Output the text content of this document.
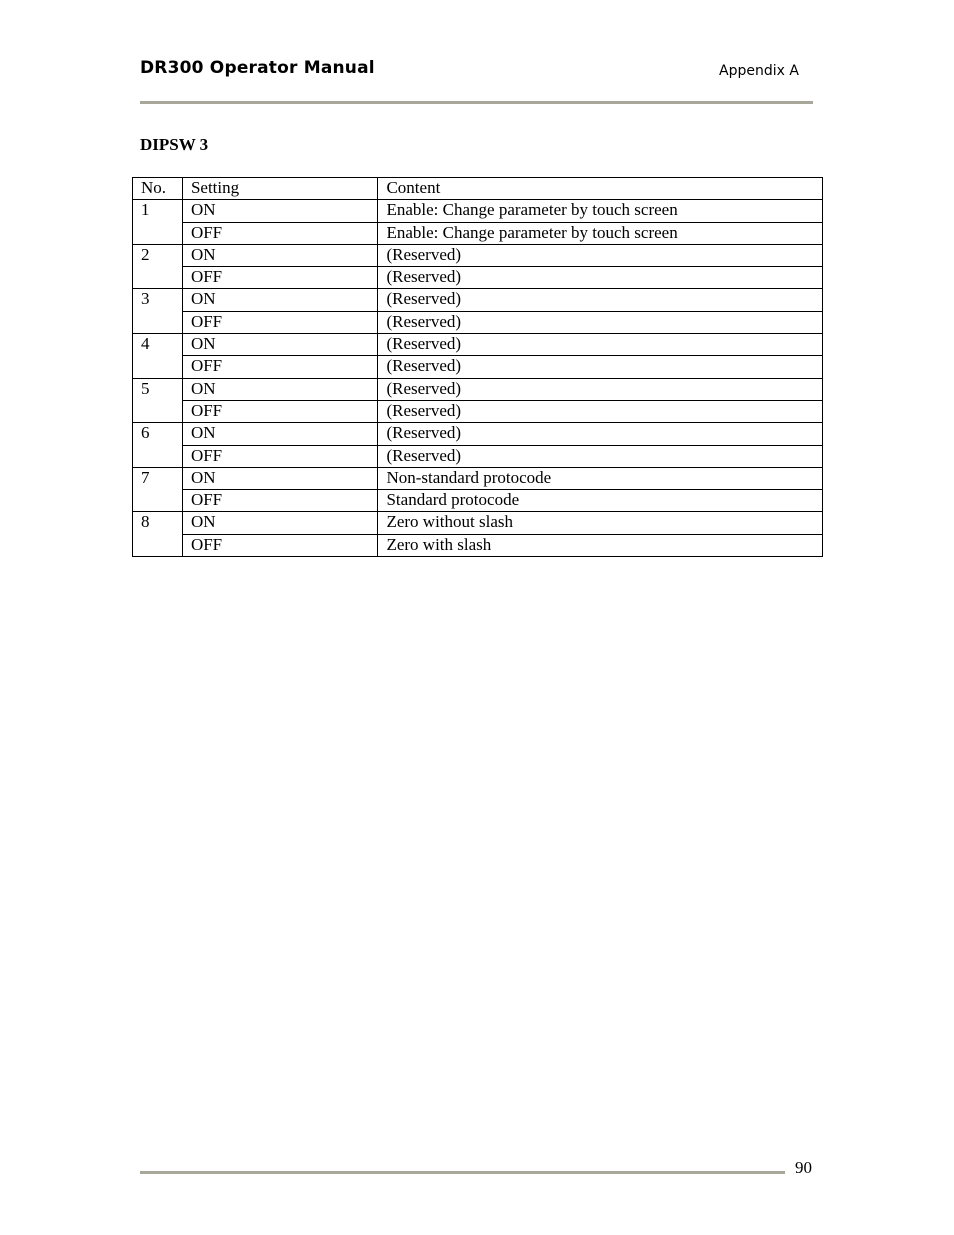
DR300 Operator Manual	Appendix A
DIPSW 3
No.	Setting	Content
1	ON	Enable: Change parameter by touch screen
	OFF	Enable: Change parameter by touch screen
2	ON	(Reserved)
	OFF	(Reserved)
3	ON	(Reserved)
	OFF	(Reserved)
4	ON	(Reserved)
	OFF	(Reserved)
5	ON	(Reserved)
	OFF	(Reserved)
6	ON	(Reserved)
	OFF	(Reserved)
7	ON	Non-standard protocode
	OFF	Standard protocode
8	ON	Zero without slash
	OFF	Zero with slash
90
